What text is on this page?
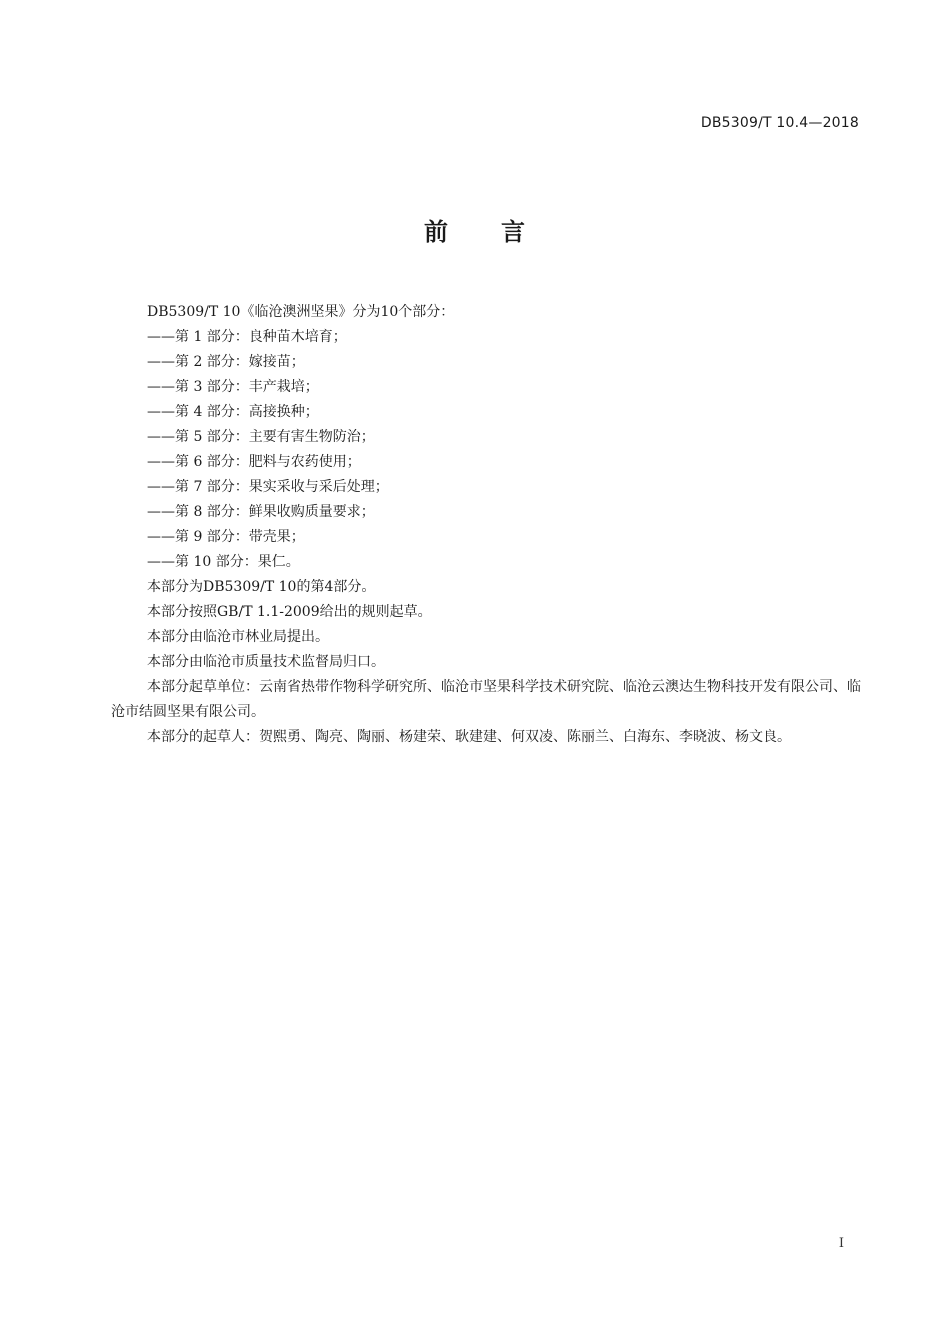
DB5309/T 10.4—2018
前 言

DB5309/T 10《临沧澳洲坚果》分为10个部分：

——第 1 部分：良种苗木培育；

——第 2 部分：嫁接苗；

——第 3 部分：丰产栽培；

——第 4 部分：高接换种；

——第 5 部分：主要有害生物防治；

——第 6 部分：肥料与农药使用；

——第 7 部分：果实采收与采后处理；

——第 8 部分：鲜果收购质量要求；

——第 9 部分：带壳果；

——第 10 部分：果仁。

本部分为DB5309/T 10的第4部分。

本部分按照GB/T 1.1-2009给出的规则起草。

本部分由临沧市林业局提出。

本部分由临沧市质量技术监督局归口。

本部分起草单位：云南省热带作物科学研究所、临沧市坚果科学技术研究院、临沧云澳达生物科技开发有限公司、临沧市结圆坚果有限公司。

本部分的起草人：贺熙勇、陶亮、陶丽、杨建荣、耿建建、何双凌、陈丽兰、白海东、李晓波、杨文良。

I
